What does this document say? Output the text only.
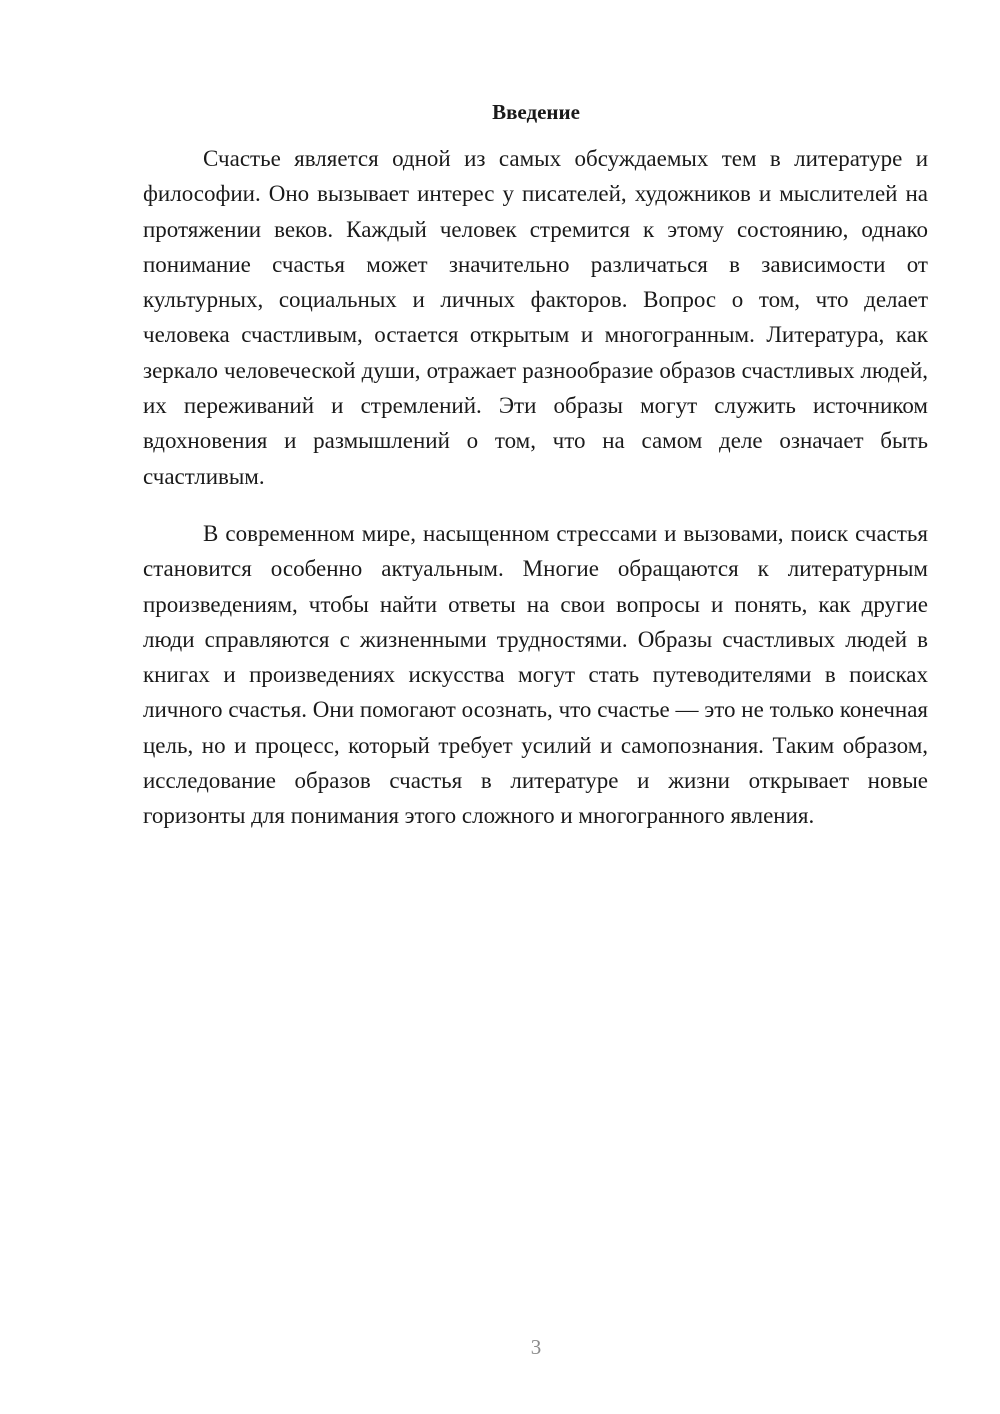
Введение

Счастье является одной из самых обсуждаемых тем в литературе и философии. Оно вызывает интерес у писателей, художников и мыслителей на протяжении веков. Каждый человек стремится к этому состоянию, однако понимание счастья может значительно различаться в зависимости от культурных, социальных и личных факторов. Вопрос о том, что делает человека счастливым, остается открытым и многогранным. Литература, как зеркало человеческой души, отражает разнообразие образов счастливых людей, их переживаний и стремлений. Эти образы могут служить источником вдохновения и размышлений о том, что на самом деле означает быть счастливым.

В современном мире, насыщенном стрессами и вызовами, поиск счастья становится особенно актуальным. Многие обращаются к литературным произведениям, чтобы найти ответы на свои вопросы и понять, как другие люди справляются с жизненными трудностями. Образы счастливых людей в книгах и произведениях искусства могут стать путеводителями в поисках личного счастья. Они помогают осознать, что счастье — это не только конечная цель, но и процесс, который требует усилий и самопознания. Таким образом, исследование образов счастья в литературе и жизни открывает новые горизонты для понимания этого сложного и многогранного явления.

3
